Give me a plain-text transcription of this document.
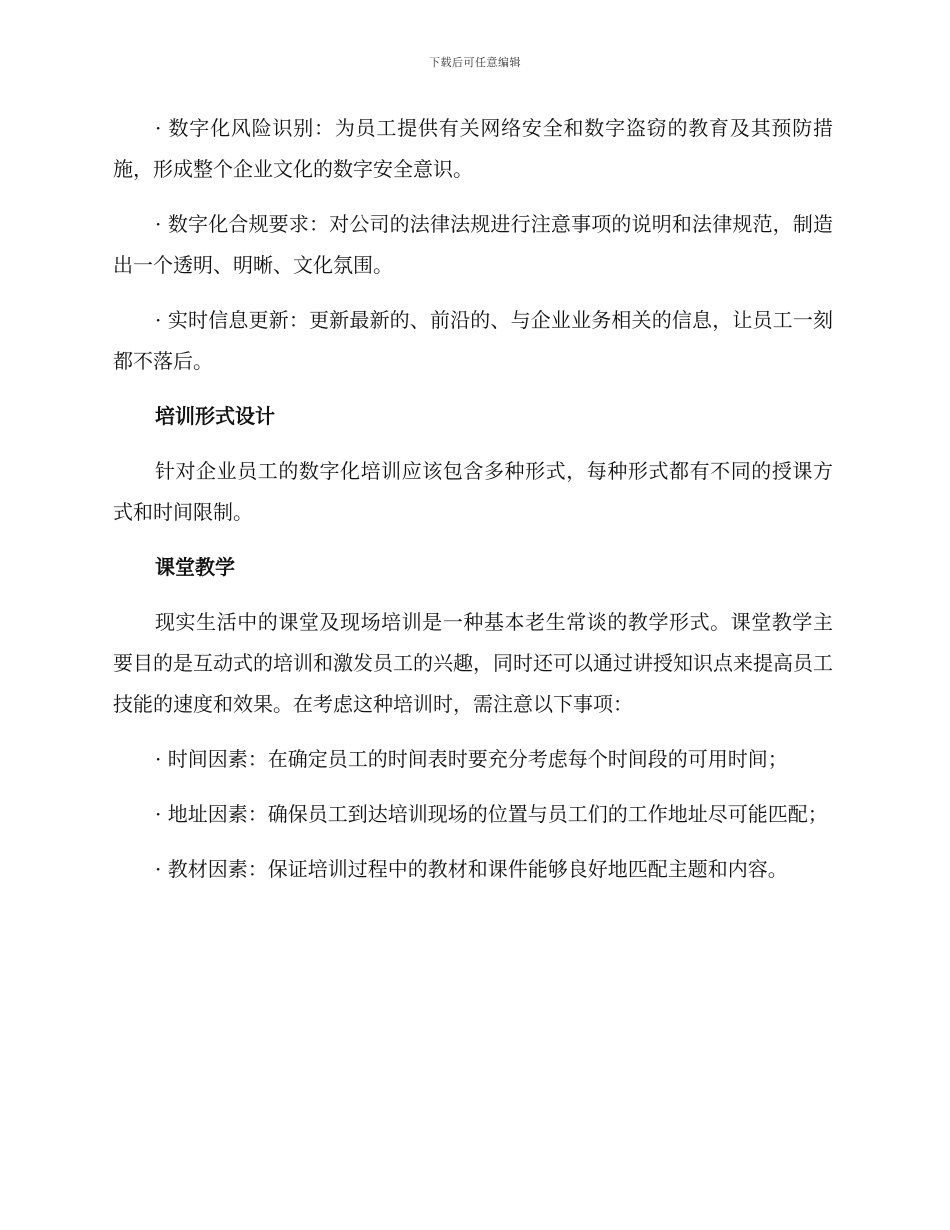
下载后可任意编辑

· 数字化风险识别：为员工提供有关网络安全和数字盗窃的教育及其预防措施，形成整个企业文化的数字安全意识。

· 数字化合规要求：对公司的法律法规进行注意事项的说明和法律规范，制造出一个透明、明晰、文化氛围。

· 实时信息更新：更新最新的、前沿的、与企业业务相关的信息，让员工一刻都不落后。

培训形式设计

针对企业员工的数字化培训应该包含多种形式，每种形式都有不同的授课方式和时间限制。

课堂教学

现实生活中的课堂及现场培训是一种基本老生常谈的教学形式。课堂教学主要目的是互动式的培训和激发员工的兴趣，同时还可以通过讲授知识点来提高员工技能的速度和效果。在考虑这种培训时，需注意以下事项：

· 时间因素：在确定员工的时间表时要充分考虑每个时间段的可用时间；

· 地址因素：确保员工到达培训现场的位置与员工们的工作地址尽可能匹配；

· 教材因素：保证培训过程中的教材和课件能够良好地匹配主题和内容。
